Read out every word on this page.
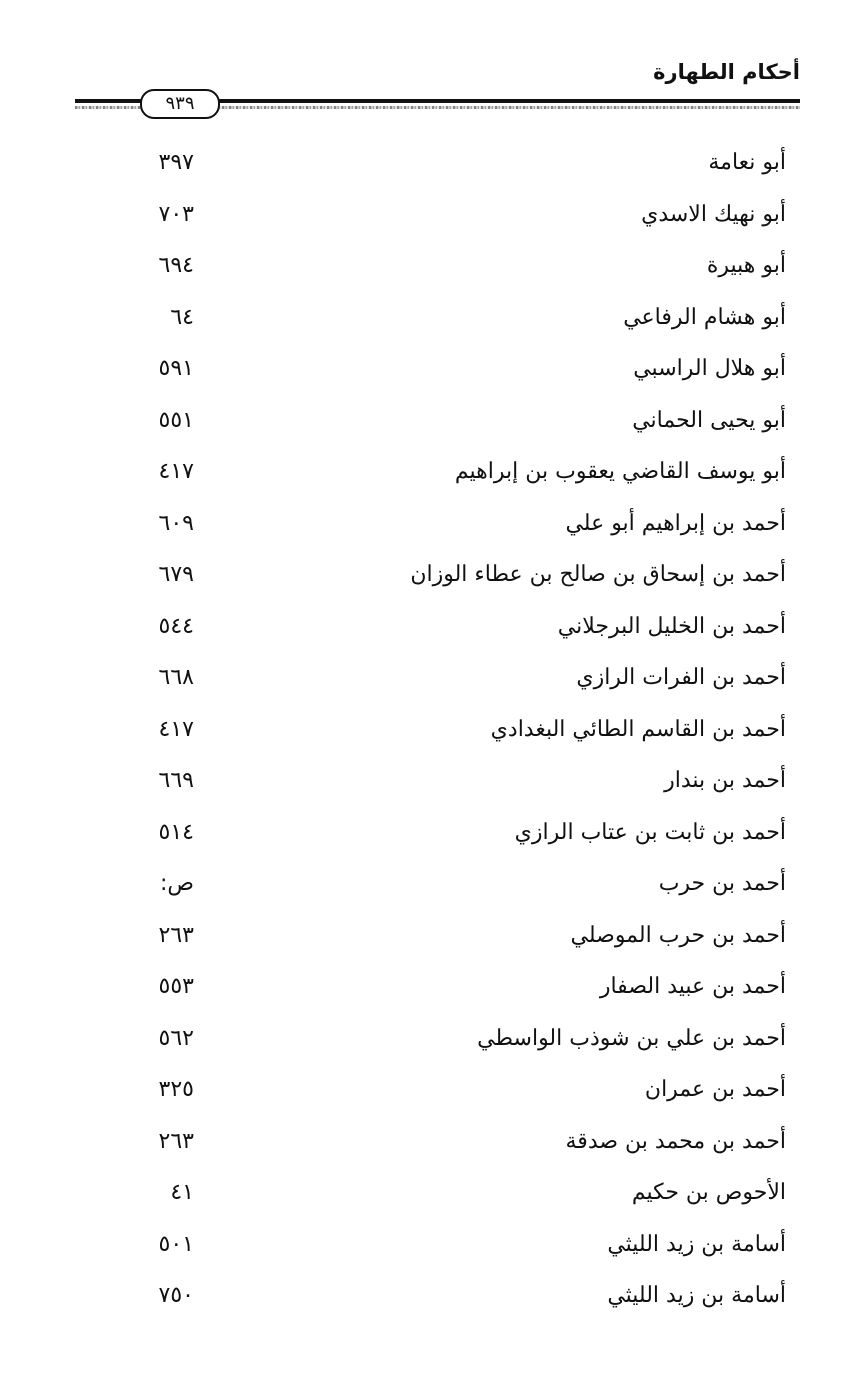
أحكام الطهارة
٩٣٩
أبو نعامة
٣٩٧
أبو نهيك الاسدي
٧٠٣
أبو هبيرة
٦٩٤
أبو هشام الرفاعي
٦٤
أبو هلال الراسبي
٥٩١
أبو يحيى الحماني
٥٥١
أبو يوسف القاضي يعقوب بن إبراهيم
٤١٧
أحمد بن إبراهيم أبو علي
٦٠٩
أحمد بن إسحاق بن صالح بن عطاء الوزان
٦٧٩
أحمد بن الخليل البرجلاني
٥٤٤
أحمد بن الفرات الرازي
٦٦٨
أحمد بن القاسم الطائي البغدادي
٤١٧
أحمد بن بندار
٦٦٩
أحمد بن ثابت بن عتاب الرازي
٥١٤
أحمد بن حرب
ص:
أحمد بن حرب الموصلي
٢٦٣
أحمد بن عبيد الصفار
٥٥٣
أحمد بن علي بن شوذب الواسطي
٥٦٢
أحمد بن عمران
٣٢٥
أحمد بن محمد بن صدقة
٢٦٣
الأحوص بن حكيم
٤١
أسامة بن زيد الليثي
٥٠١
أسامة بن زيد الليثي
٧٥٠
